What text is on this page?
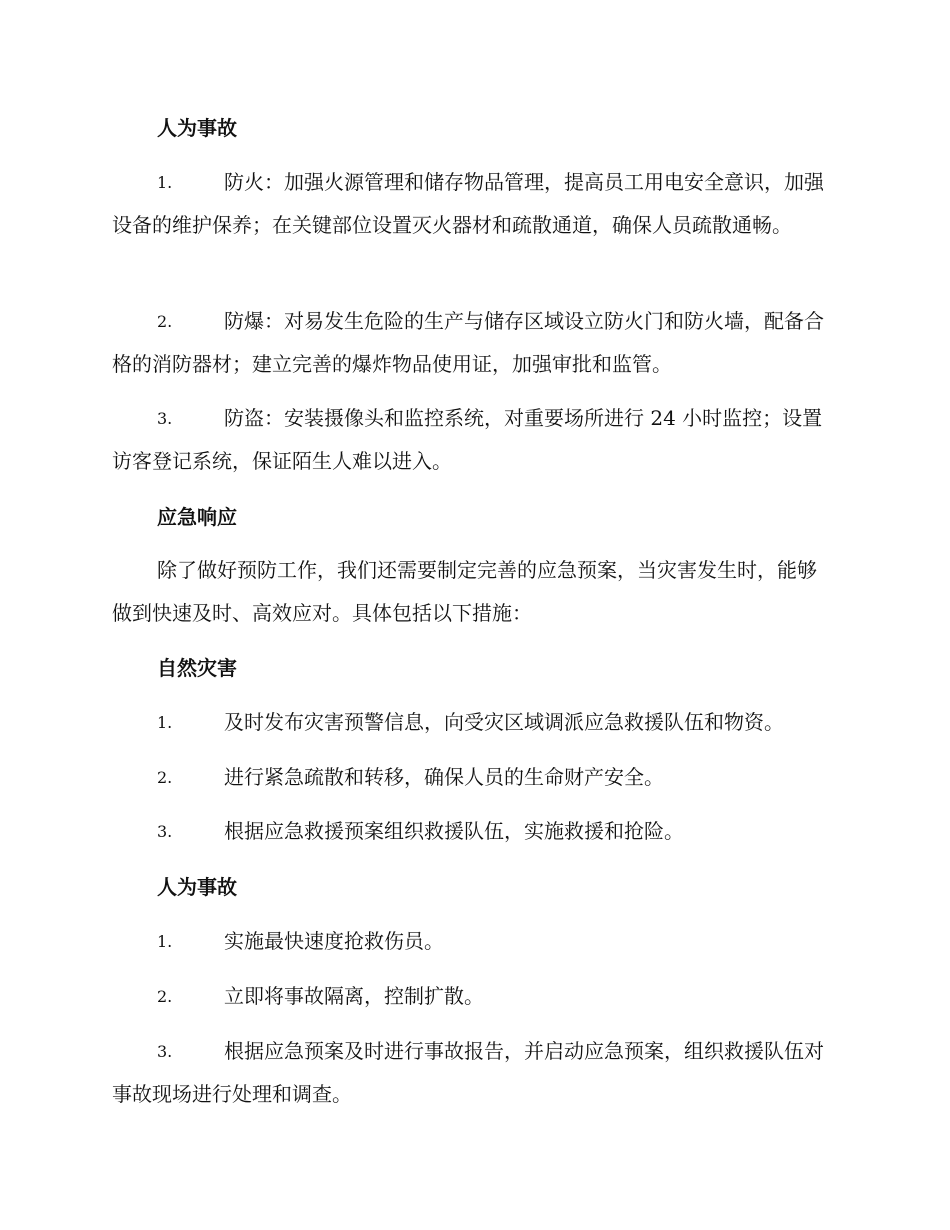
人为事故
1.	防火：加强火源管理和储存物品管理，提高员工用电安全意识，加强设备的维护保养；在关键部位设置灭火器材和疏散通道，确保人员疏散通畅。
2.	防爆：对易发生危险的生产与储存区域设立防火门和防火墙，配备合格的消防器材；建立完善的爆炸物品使用证，加强审批和监管。
3.	防盗：安装摄像头和监控系统，对重要场所进行 24 小时监控；设置访客登记系统，保证陌生人难以进入。
应急响应
除了做好预防工作，我们还需要制定完善的应急预案，当灾害发生时，能够做到快速及时、高效应对。具体包括以下措施：
自然灾害
1.	及时发布灾害预警信息，向受灾区域调派应急救援队伍和物资。
2.	进行紧急疏散和转移，确保人员的生命财产安全。
3.	根据应急救援预案组织救援队伍，实施救援和抢险。
人为事故
1.	实施最快速度抢救伤员。
2.	立即将事故隔离，控制扩散。
3.	根据应急预案及时进行事故报告，并启动应急预案，组织救援队伍对事故现场进行处理和调查。
